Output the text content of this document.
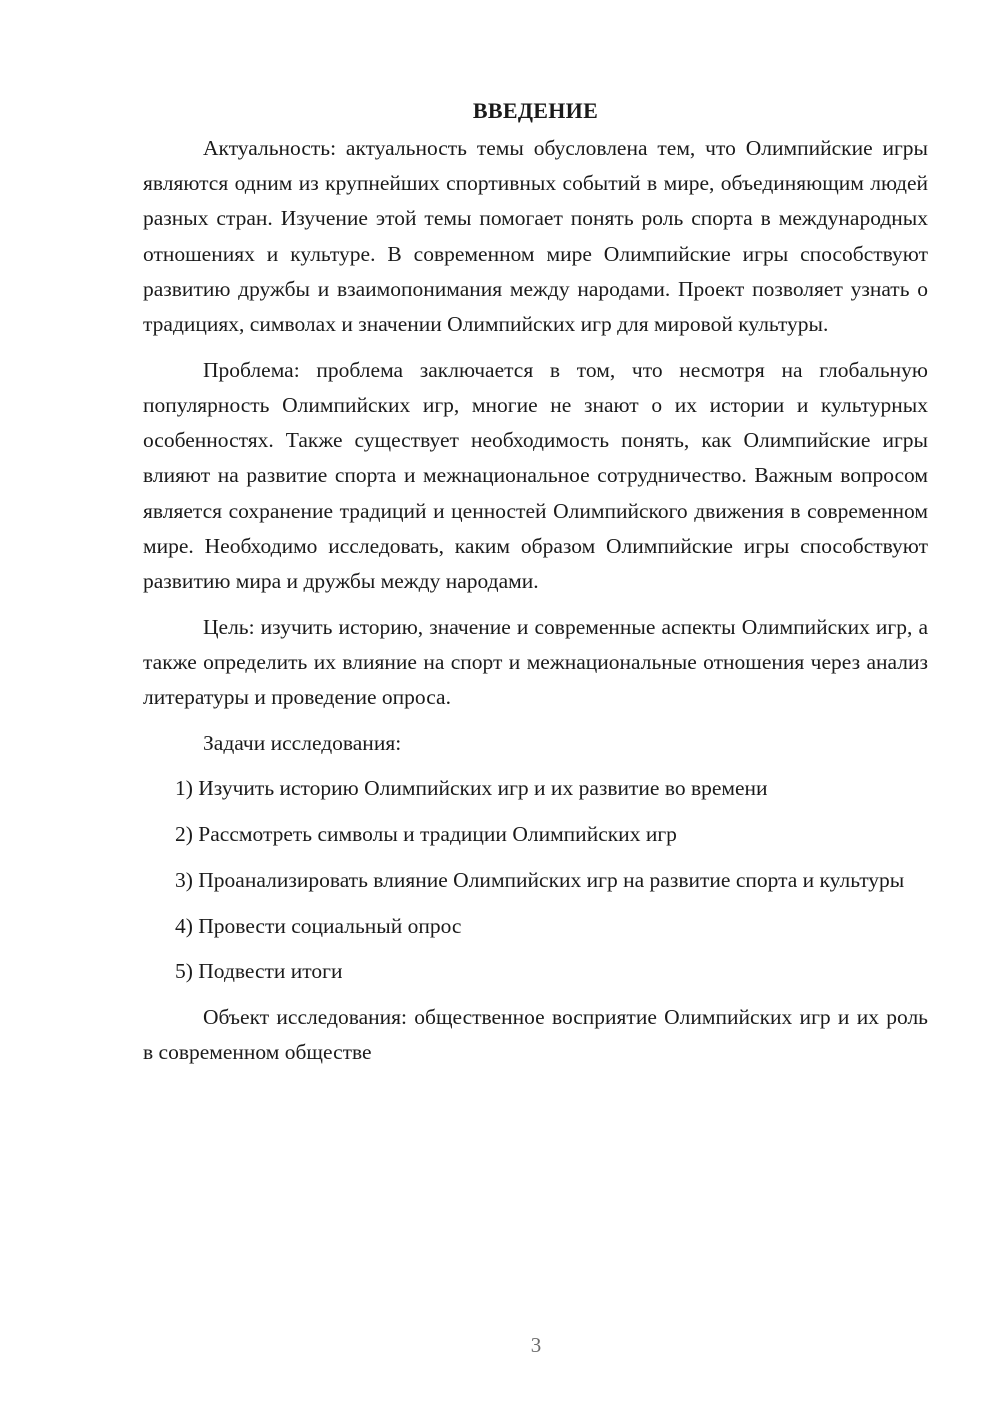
ВВЕДЕНИЕ

Актуальность: актуальность темы обусловлена тем, что Олимпийские игры являются одним из крупнейших спортивных событий в мире, объединяющим людей разных стран. Изучение этой темы помогает понять роль спорта в международных отношениях и культуре. В современном мире Олимпийские игры способствуют развитию дружбы и взаимопонимания между народами. Проект позволяет узнать о традициях, символах и значении Олимпийских игр для мировой культуры.

Проблема: проблема заключается в том, что несмотря на глобальную популярность Олимпийских игр, многие не знают о их истории и культурных особенностях. Также существует необходимость понять, как Олимпийские игры влияют на развитие спорта и межнациональное сотрудничество. Важным вопросом является сохранение традиций и ценностей Олимпийского движения в современном мире. Необходимо исследовать, каким образом Олимпийские игры способствуют развитию мира и дружбы между народами.

Цель: изучить историю, значение и современные аспекты Олимпийских игр, а также определить их влияние на спорт и межнациональные отношения через анализ литературы и проведение опроса.

Задачи исследования:

1) Изучить историю Олимпийских игр и их развитие во времени

2) Рассмотреть символы и традиции Олимпийских игр

3) Проанализировать влияние Олимпийских игр на развитие спорта и культуры

4) Провести социальный опрос

5) Подвести итоги

Объект исследования: общественное восприятие Олимпийских игр и их роль в современном обществе

3
